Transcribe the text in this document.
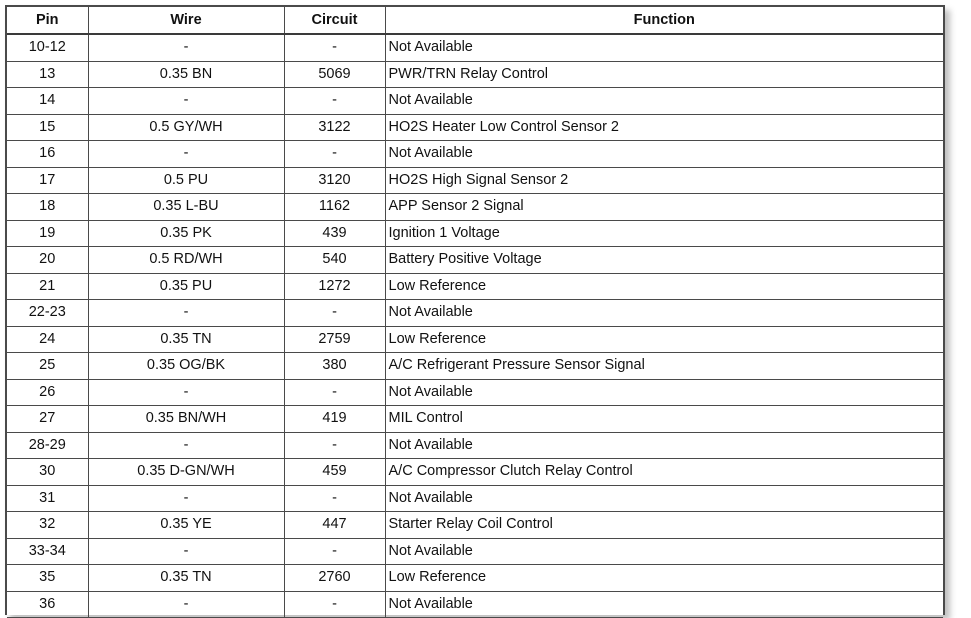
Pin	Wire	Circuit	Function
10-12	-	-	Not Available
13	0.35 BN	5069	PWR/TRN Relay Control
14	-	-	Not Available
15	0.5 GY/WH	3122	HO2S Heater Low Control Sensor 2
16	-	-	Not Available
17	0.5 PU	3120	HO2S High Signal Sensor 2
18	0.35 L-BU	1162	APP Sensor 2 Signal
19	0.35 PK	439	Ignition 1 Voltage
20	0.5 RD/WH	540	Battery Positive Voltage
21	0.35 PU	1272	Low Reference
22-23	-	-	Not Available
24	0.35 TN	2759	Low Reference
25	0.35 OG/BK	380	A/C Refrigerant Pressure Sensor Signal
26	-	-	Not Available
27	0.35 BN/WH	419	MIL Control
28-29	-	-	Not Available
30	0.35 D-GN/WH	459	A/C Compressor Clutch Relay Control
31	-	-	Not Available
32	0.35 YE	447	Starter Relay Coil Control
33-34	-	-	Not Available
35	0.35 TN	2760	Low Reference
36	-	-	Not Available
